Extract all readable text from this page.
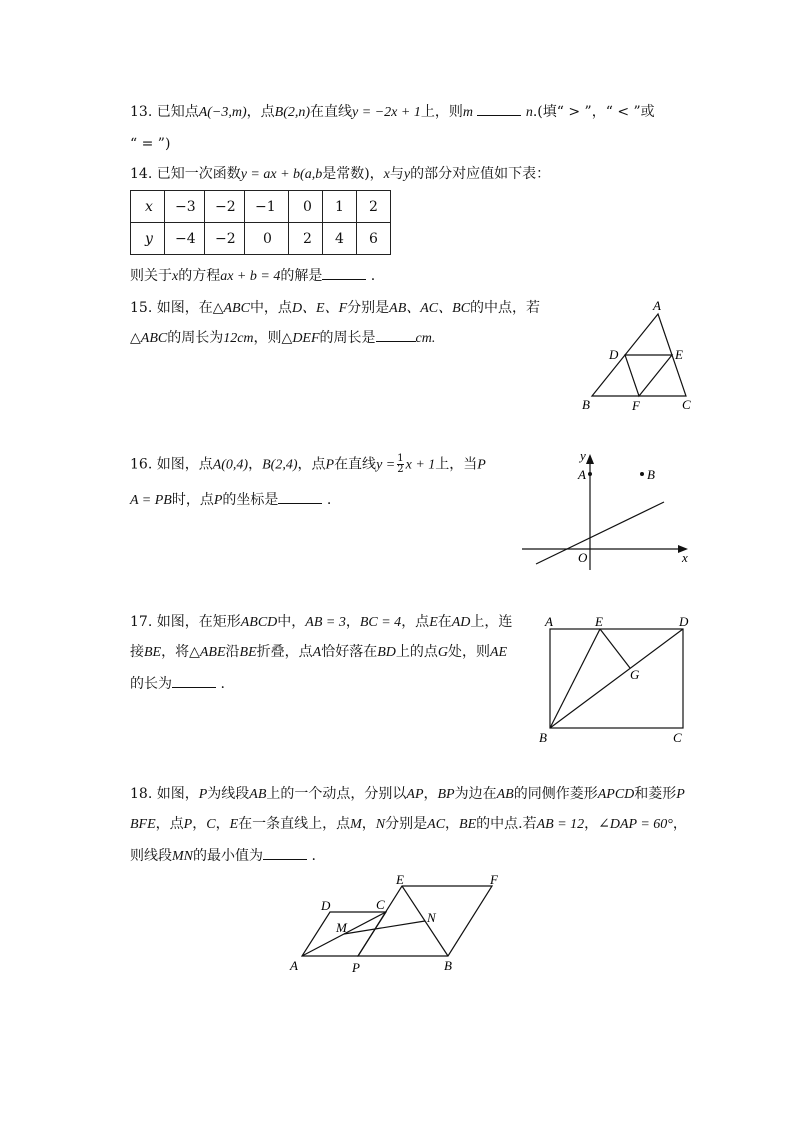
13. 已知点A(−3,m)，点B(2,n)在直线y = −2x + 1上，则m	n.(填“ > ”，“ < ”或
“ = ”)
14. 已知一次函数y = ax + b(a,b是常数)，x与y的部分对应值如下表：
x	−3	−2	−1	0	1	2
y	−4	−2	0	2	4	6
则关于x的方程ax + b = 4的解是	.
15. 如图，在△ABC中，点D、E、F分别是AB、AC、BC的中点，若
△ABC的周长为12cm，则△DEF的周长是	cm.
A
B	C
D	E
F
16. 如图，点A(0,4)，B(2,4)，点P在直线$y = \frac{1}{2}$ x + 1上，当P
A = PB时，点P的坐标是	.
y
x
O
A	B
17. 如图，在矩形ABCD中，AB = 3，BC = 4，点E在AD上，连
接BE，将△ABE沿BE折叠，点A恰好落在BD上的点G处，则AE
的长为	.
A	E	D
G
B	C
18. 如图，P为线段AB上的一个动点，分别以AP，BP为边在AB的同侧作菱形APCD和菱形P
BFE，点P，C，E在一条直线上，点M，N分别是AC，BE的中点.若AB = 12，∠DAP = 60°，
则线段MN的最小值为	.
A	P	B
D	C
E	F
M
N
